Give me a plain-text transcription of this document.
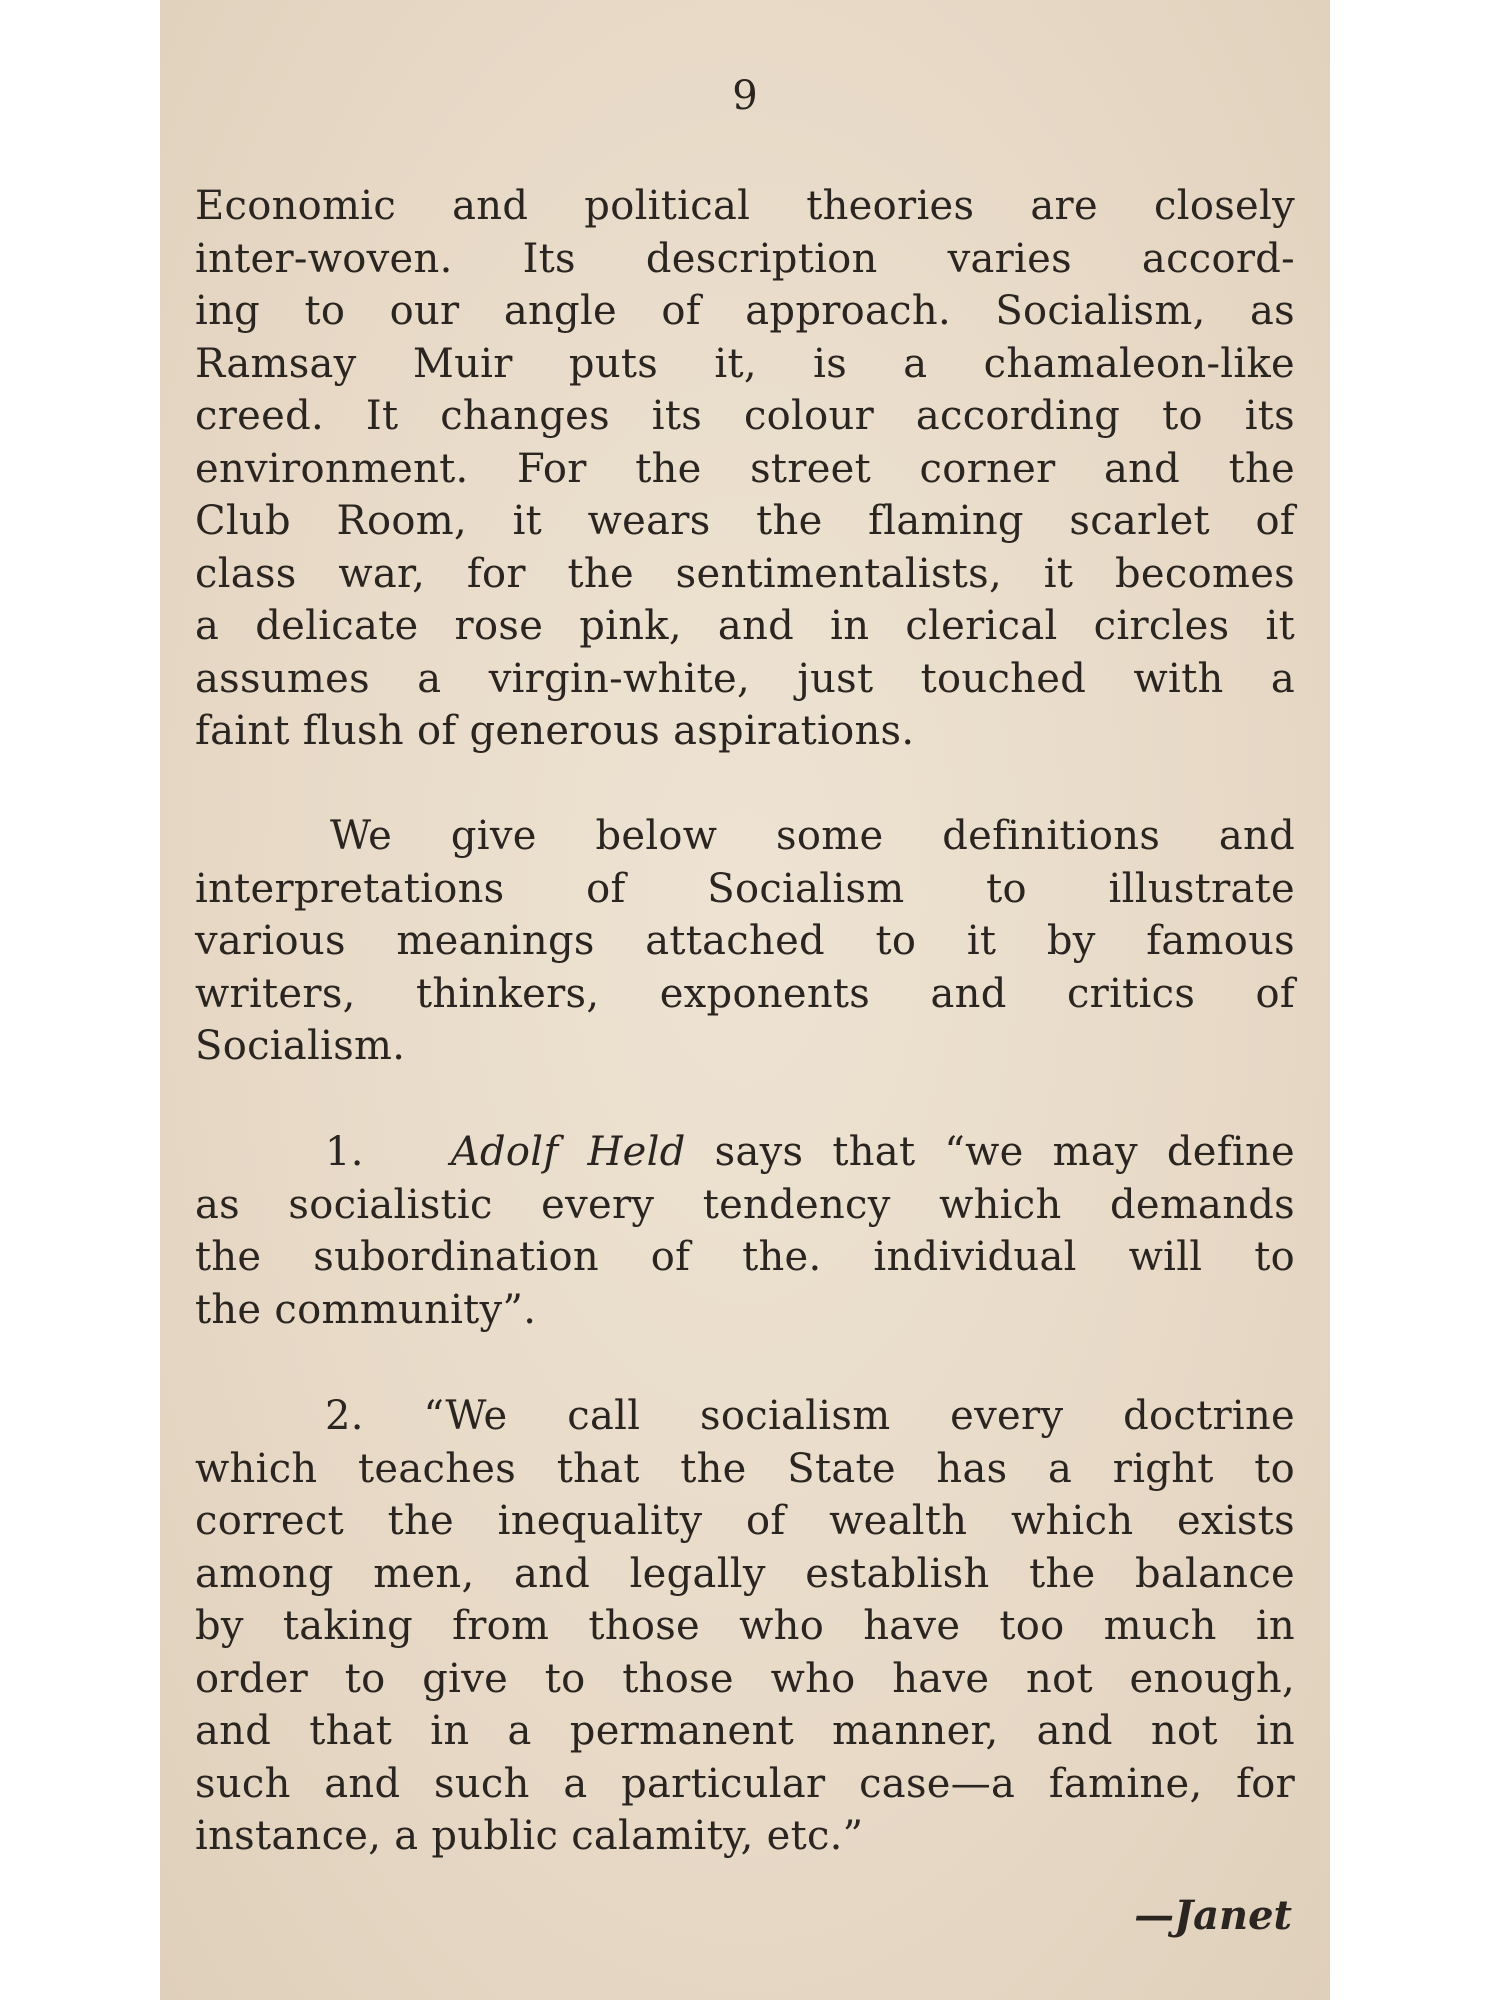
9
Economic and political theories are closely
inter-woven. Its description varies accord-
ing to our angle of approach. Socialism, as
Ramsay Muir puts it, is a chamaleon-like
creed. It changes its colour according to its
environment. For the street corner and the
Club Room, it wears the flaming scarlet of
class war, for the sentimentalists, it becomes
a delicate rose pink, and in clerical circles it
assumes a virgin-white, just touched with a
faint flush of generous aspirations.
We give below some definitions and
interpretations of Socialism to illustrate
various meanings attached to it by famous
writers, thinkers, exponents and critics of
Socialism.
1. Adolf Held says that “we may define
as socialistic every tendency which demands
the subordination of the. individual will to
the community”.
2. “We call socialism every doctrine
which teaches that the State has a right to
correct the inequality of wealth which exists
among men, and legally establish the balance
by taking from those who have too much in
order to give to those who have not enough,
and that in a permanent manner, and not in
such and such a particular case—a famine, for
instance, a public calamity, etc.”
—Janet
